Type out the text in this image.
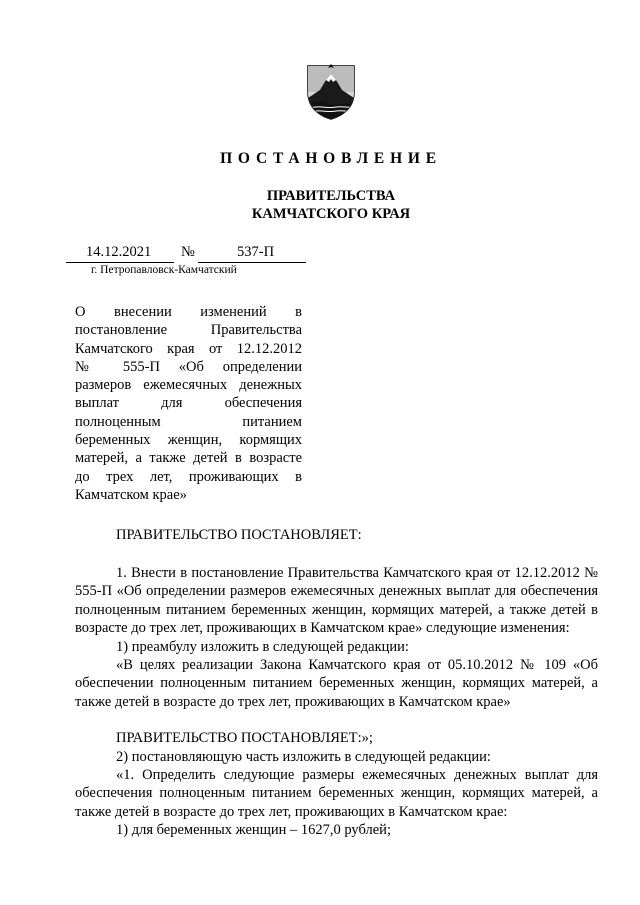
ПОСТАНОВЛЕНИЕ
ПРАВИТЕЛЬСТВА
КАМЧАТСКОГО КРАЯ
14.12.2021 №	537-П
г. Петропавловск-Камчатский
О внесении изменений в
постановление Правительства
Камчатского края от 12.12.2012
№ 555-П «Об определении
размеров ежемесячных денежных
выплат для обеспечения
полноценным питанием
беременных женщин, кормящих
матерей, а также детей в возрасте
до трех лет, проживающих в
Камчатском крае»
ПРАВИТЕЛЬСТВО ПОСТАНОВЛЯЕТ:

1. Внести в постановление Правительства Камчатского края от 12.12.2012 № 555-П «Об определении размеров ежемесячных денежных выплат для обеспечения полноценным питанием беременных женщин, кормящих матерей, а также детей в возрасте до трех лет, проживающих в Камчатском крае» следующие изменения:

1) преамбулу изложить в следующей редакции:

«В целях реализации Закона Камчатского края от 05.10.2012 № 109 «Об обеспечении полноценным питанием беременных женщин, кормящих матерей, а также детей в возрасте до трех лет, проживающих в Камчатском крае»

ПРАВИТЕЛЬСТВО ПОСТАНОВЛЯЕТ:»;

2) постановляющую часть изложить в следующей редакции:

«1. Определить следующие размеры ежемесячных денежных выплат для обеспечения полноценным питанием беременных женщин, кормящих матерей, а также детей в возрасте до трех лет, проживающих в Камчатском крае:

1) для беременных женщин – 1627,0 рублей;
